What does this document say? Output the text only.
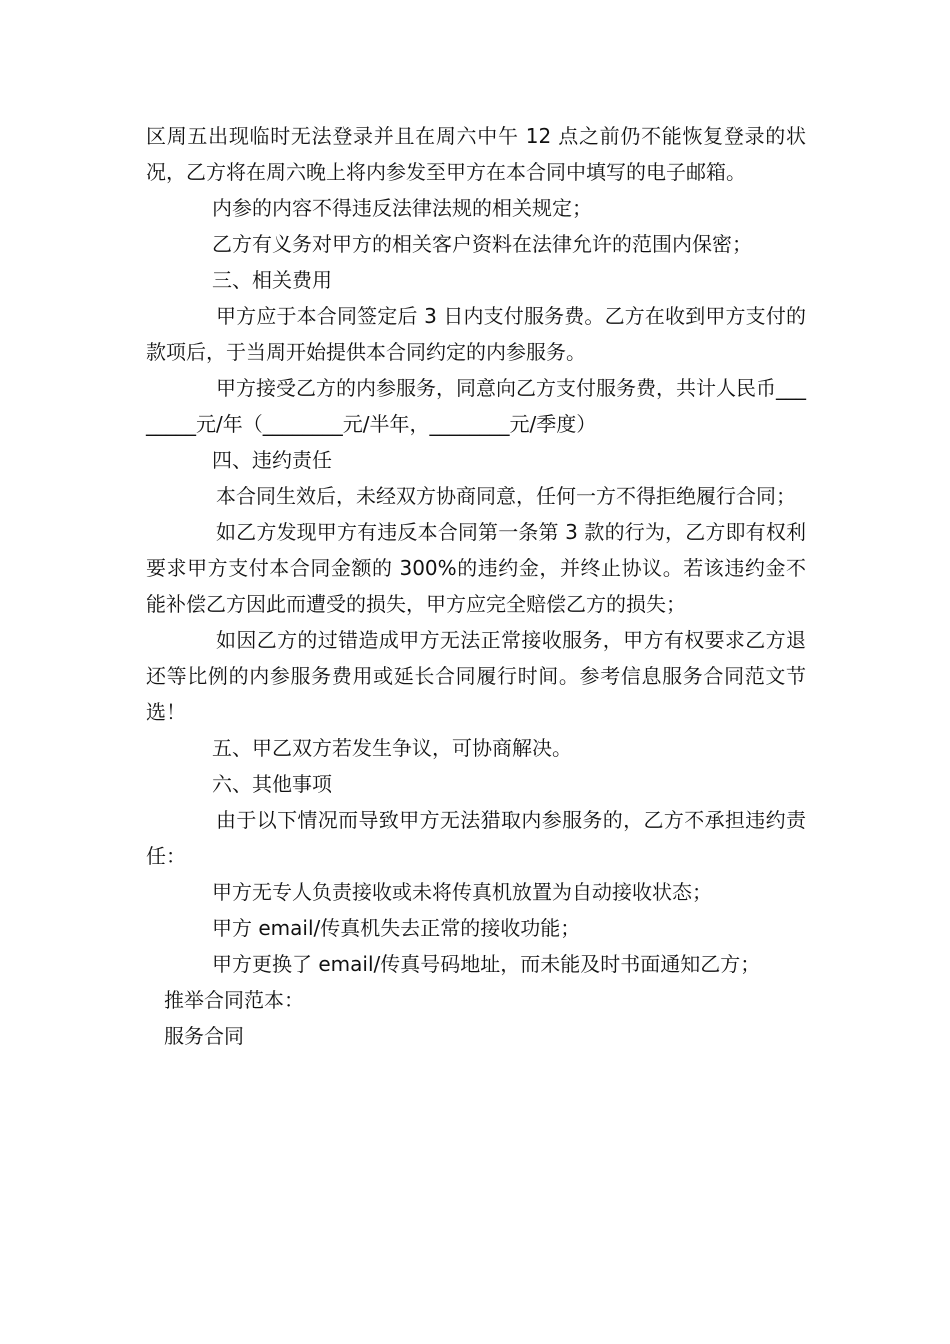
区周五出现临时无法登录并且在周六中午 12 点之前仍不能恢复登录的状况，乙方将在周六晚上将内参发至甲方在本合同中填写的电子邮箱。

内参的内容不得违反法律法规的相关规定；

乙方有义务对甲方的相关客户资料在法律允许的范围内保密；

三、相关费用

甲方应于本合同签定后 3 日内支付服务费。乙方在收到甲方支付的款项后，于当周开始提供本合同约定的内参服务。

甲方接受乙方的内参服务，同意向乙方支付服务费，共计人民币________元/年（________元/半年，________元/季度）

四、违约责任

本合同生效后，未经双方协商同意，任何一方不得拒绝履行合同；

如乙方发现甲方有违反本合同第一条第 3 款的行为，乙方即有权利要求甲方支付本合同金额的 300%的违约金，并终止协议。若该违约金不能补偿乙方因此而遭受的损失，甲方应完全赔偿乙方的损失；

如因乙方的过错造成甲方无法正常接收服务，甲方有权要求乙方退还等比例的内参服务费用或延长合同履行时间。参考信息服务合同范文节选！

五、甲乙双方若发生争议，可协商解决。

六、其他事项

由于以下情况而导致甲方无法猎取内参服务的，乙方不承担违约责任：

甲方无专人负责接收或未将传真机放置为自动接收状态；

甲方 email/传真机失去正常的接收功能；

甲方更换了 email/传真号码地址，而未能及时书面通知乙方；

推举合同范本：

服务合同
